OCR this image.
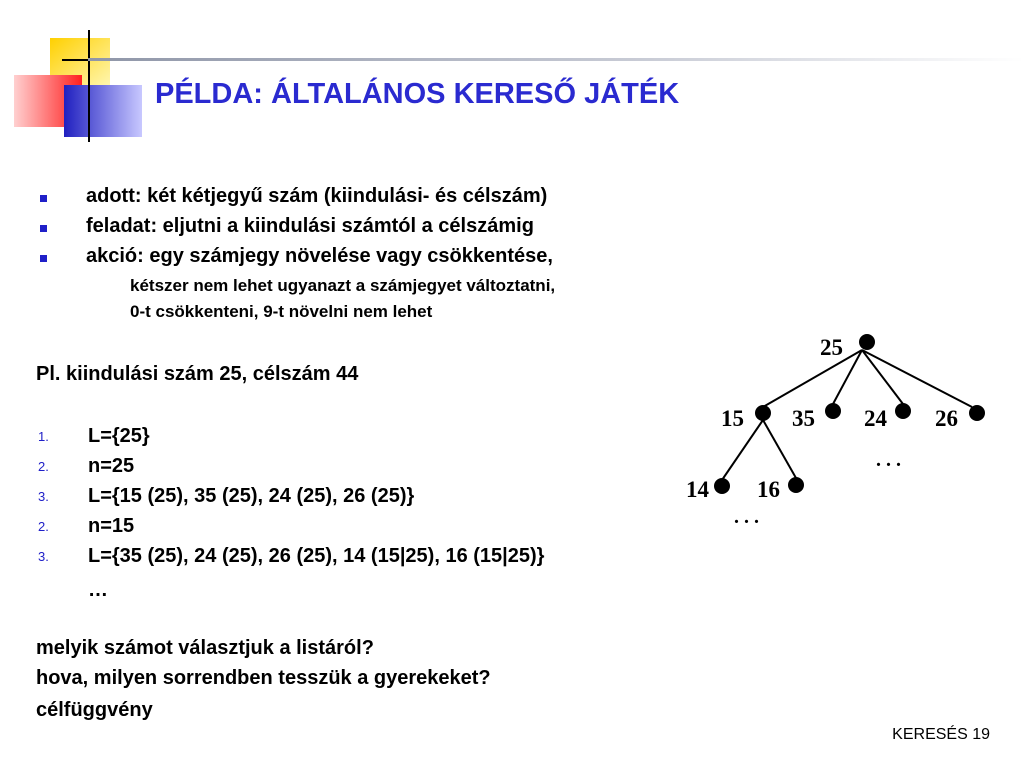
PÉLDA: ÁLTALÁNOS KERESŐ JÁTÉK
adott: két kétjegyű szám (kiindulási- és célszám)
feladat: eljutni a kiindulási számtól a célszámig
akció: egy számjegy növelése vagy csökkentése,
kétszer nem lehet ugyanazt a számjegyet változtatni,
0-t csökkenteni, 9-t növelni nem lehet
Pl. kiindulási szám 25, célszám 44
1. L={25}
2. n=25
3. L={15 (25), 35 (25), 24 (25), 26 (25)}
2. n=15
3. L={35 (25), 24 (25), 26 (25), 14 (15|25), 16 (15|25)}
…
melyik számot választjuk a listáról?
hova, milyen sorrendben tesszük a gyerekeket?
célfüggvény
25
15 35 24 26
14 16
. . .
. . .
KERESÉS 19
